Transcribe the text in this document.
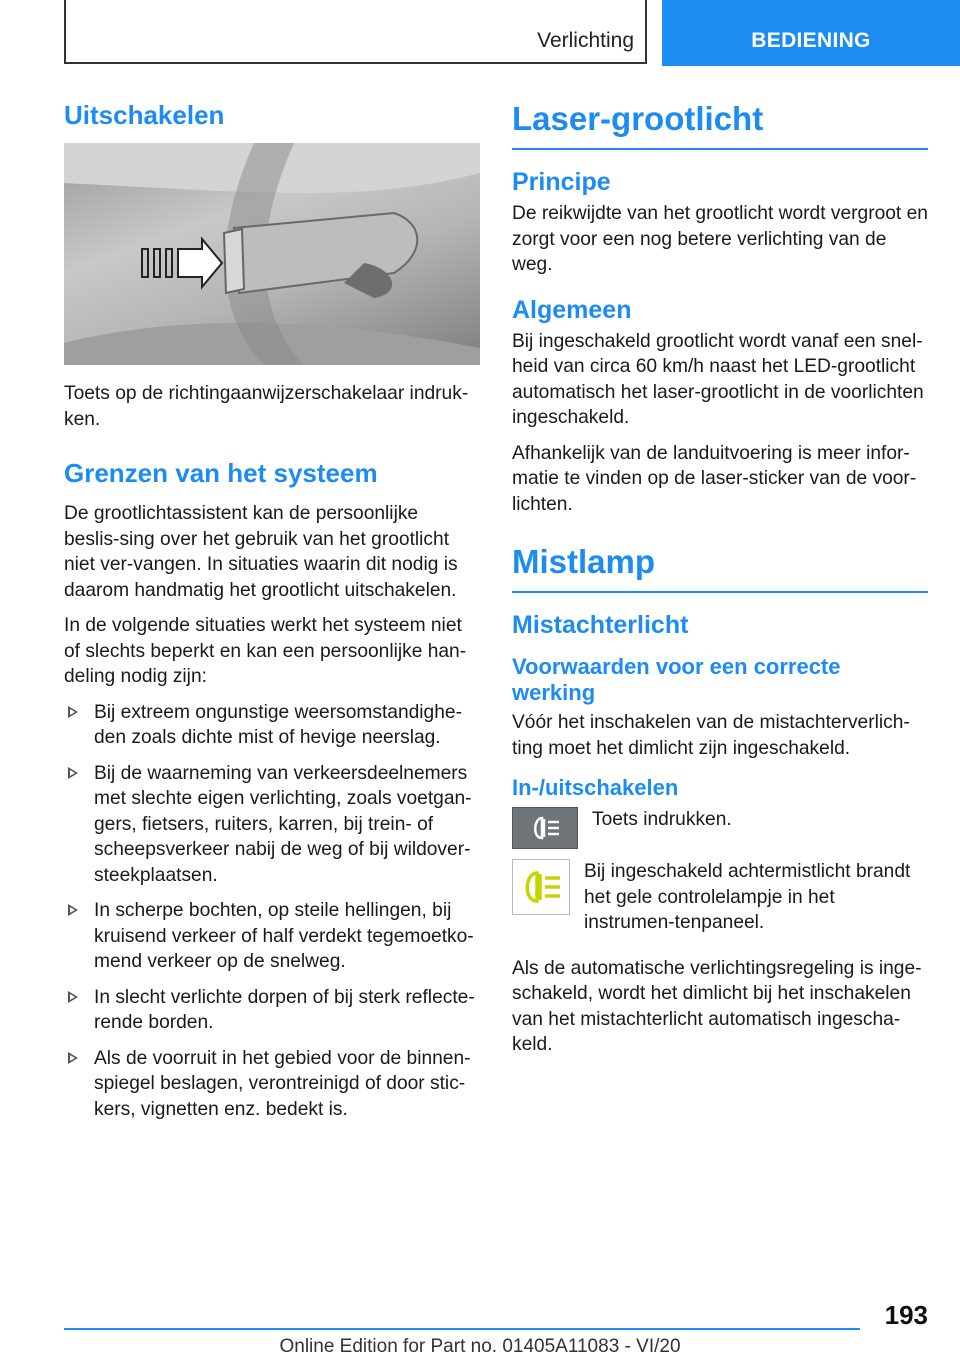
Verlichting	BEDIENING
Uitschakelen

Toets op de richtingaanwijzerschakelaar indruk-ken.

Grenzen van het systeem

De grootlichtassistent kan de persoonlijke beslis-sing over het gebruik van het grootlicht niet ver-vangen. In situaties waarin dit nodig is daarom handmatig het grootlicht uitschakelen.

In de volgende situaties werkt het systeem niet of slechts beperkt en kan een persoonlijke han-deling nodig zijn:

Bij extreem ongunstige weersomstandighe-den zoals dichte mist of hevige neerslag.
Bij de waarneming van verkeersdeelnemers met slechte eigen verlichting, zoals voetgan-gers, fietsers, ruiters, karren, bij trein- of scheepsverkeer nabij de weg of bij wildover-steekplaatsen.
In scherpe bochten, op steile hellingen, bij kruisend verkeer of half verdekt tegemoetko-mend verkeer op de snelweg.
In slecht verlichte dorpen of bij sterk reflecte-rende borden.
Als de voorruit in het gebied voor de binnen-spiegel beslagen, verontreinigd of door stic-kers, vignetten enz. bedekt is.
Laser-grootlicht
Principe

De reikwijdte van het grootlicht wordt vergroot en zorgt voor een nog betere verlichting van de weg.

Algemeen

Bij ingeschakeld grootlicht wordt vanaf een snel-heid van circa 60 km/h naast het LED-grootlicht automatisch het laser-grootlicht in de voorlichten ingeschakeld.

Afhankelijk van de landuitvoering is meer infor-matie te vinden op de laser-sticker van de voor-lichten.

Mistlamp
Mistachterlicht
Voorwaarden voor een correcte werking

Vóór het inschakelen van de mistachterverlich-ting moet het dimlicht zijn ingeschakeld.

In-/uitschakelen

Toets indrukken.

Bij ingeschakeld achtermistlicht brandt het gele controlelampje in het instrumen-tenpaneel.

Als de automatische verlichtingsregeling is inge-schakeld, wordt het dimlicht bij het inschakelen van het mistachterlicht automatisch ingescha-keld.

193
Online Edition for Part no. 01405A11083 - VI/20
